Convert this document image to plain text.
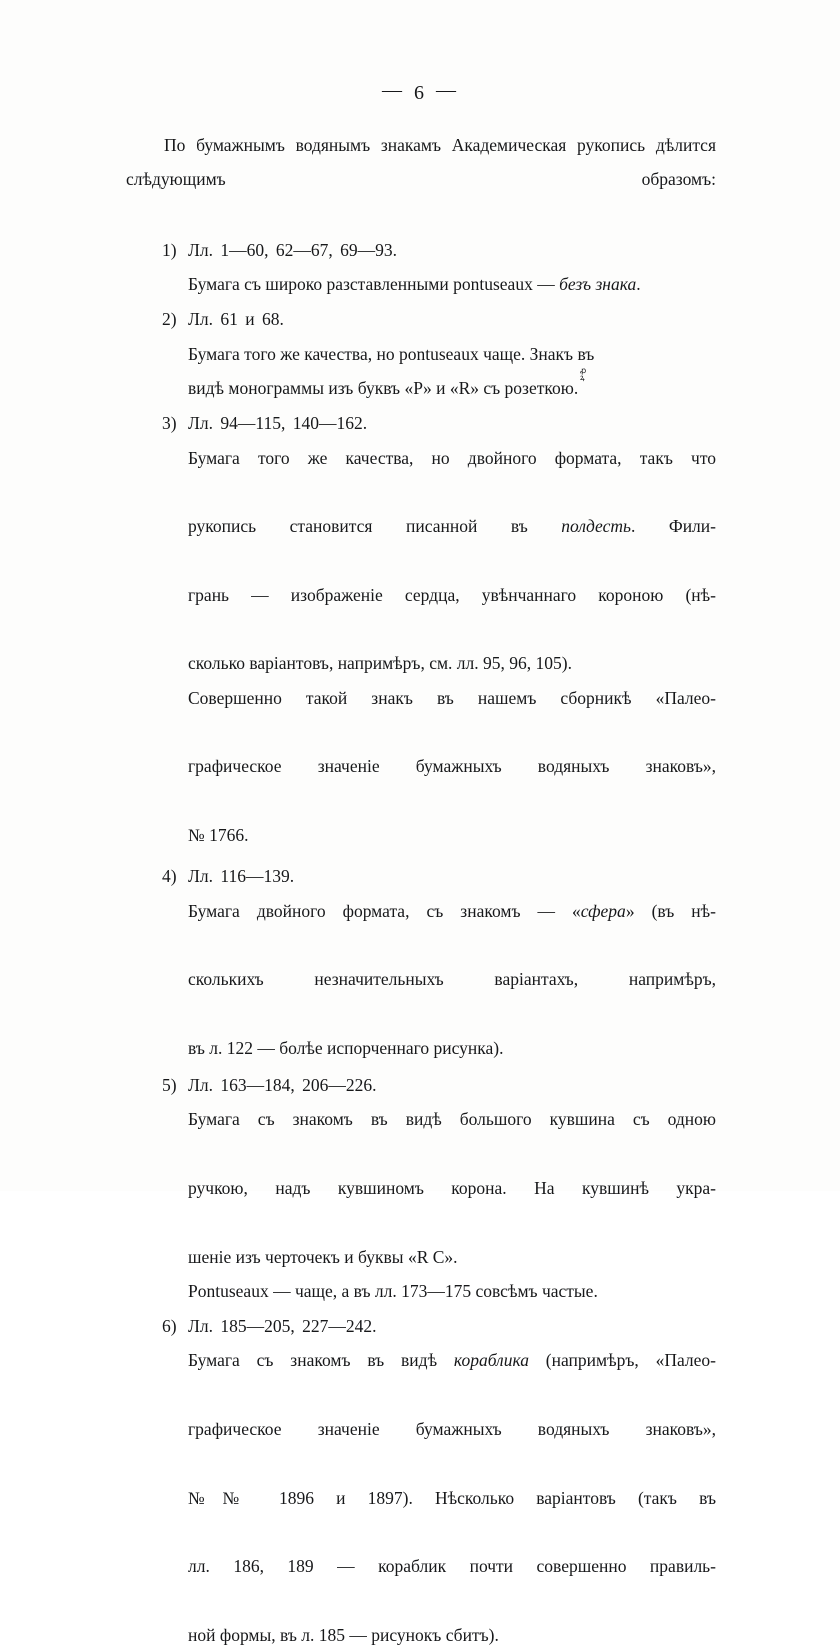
— 6 —

По бумажнымъ водянымъ знакамъ Академическая рукопись дѣлится слѣдующимъ образомъ:

1) Лл. 1—60, 62—67, 69—93.

Бумага съ широко разставленными pontuseaux — безъ знака.

2) Лл. 61 и 68.

Бумага того же качества, но pontuseaux чаще. Знакъ въ

видѣ монограммы изъ буквъ «P» и «R» съ розеткою.
ꝓ
ꝝ

3) Лл. 94—115, 140—162.

Бумага того же качества, но двойного формата, такъ что

рукопись становится писанной въ полдесть. Фили-

грань — изображеніе сердца, увѣнчаннаго короною (нѣ-

сколько варіантовъ, напримѣръ, см. лл. 95, 96, 105).

Совершенно такой знакъ въ нашемъ сборникѣ «Палео-

графическое значеніе бумажныхъ водяныхъ знаковъ»,

№ 1766.

4) Лл. 116—139.

Бумага двойного формата, съ знакомъ — «сфера» (въ нѣ-

сколькихъ незначительныхъ варіантахъ, напримѣръ,

въ л. 122 — болѣе испорченнаго рисунка).

5) Лл. 163—184, 206—226.

Бумага съ знакомъ въ видѣ большого кувшина съ одною

ручкою, надъ кувшиномъ корона. На кувшинѣ укра-

шеніе изъ черточекъ и буквы «R C».

Pontuseaux — чаще, а въ лл. 173—175 совсѣмъ частые.

6) Лл. 185—205, 227—242.

Бумага съ знакомъ въ видѣ кораблика (напримѣръ, «Палео-

графическое значеніе бумажныхъ водяныхъ знаковъ»,

№№ 1896 и 1897). Нѣсколько варіантовъ (такъ въ

лл. 186, 189 — кораблик почти совершенно правиль-

ной формы, въ л. 185 — рисунокъ сбитъ).
